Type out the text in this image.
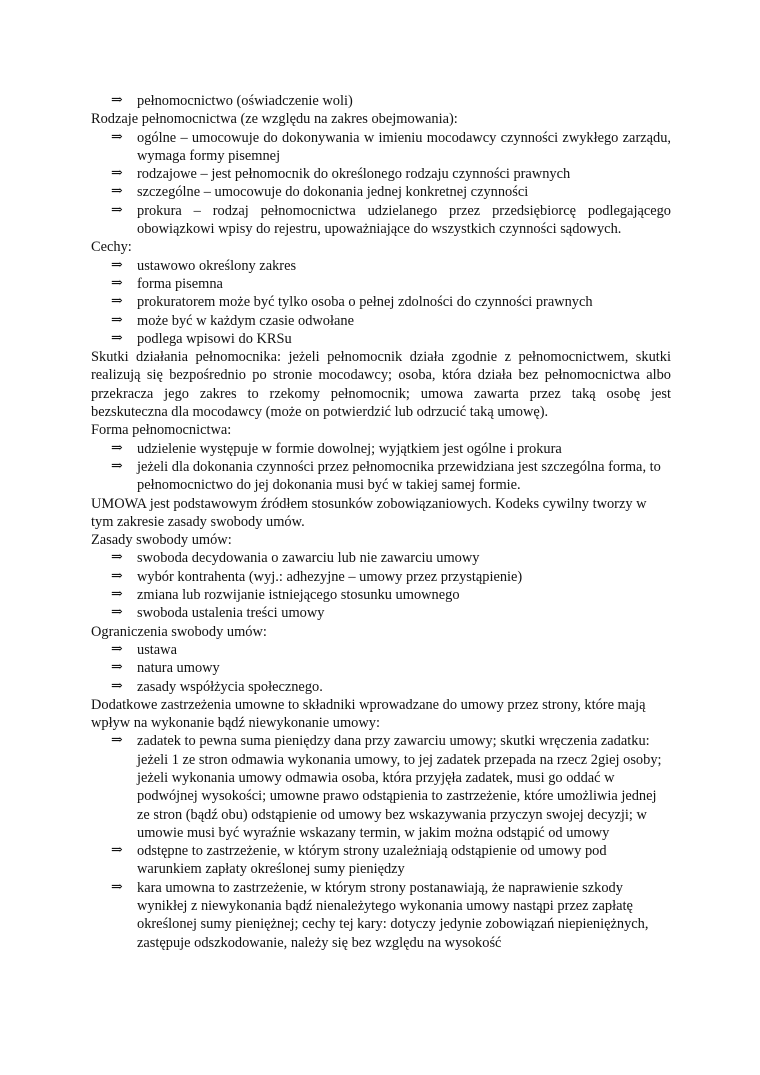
⇒ pełnomocnictwo (oświadczenie woli)

Rodzaje pełnomocnictwa (ze względu na zakres obejmowania):

⇒ ogólne – umocowuje do dokonywania w imieniu mocodawcy czynności zwykłego zarządu, wymaga formy pisemnej
⇒ rodzajowe – jest pełnomocnik do określonego rodzaju czynności prawnych
⇒ szczególne – umocowuje do dokonania jednej konkretnej czynności
⇒ prokura – rodzaj pełnomocnictwa udzielanego przez przedsiębiorcę podlegającego obowiązkowi wpisy do rejestru, upoważniające do wszystkich czynności sądowych.

Cechy:

⇒ ustawowo określony zakres
⇒ forma pisemna
⇒ prokuratorem może być tylko osoba o pełnej zdolności do czynności prawnych
⇒ może być w każdym czasie odwołane
⇒ podlega wpisowi do KRSu

Skutki działania pełnomocnika: jeżeli pełnomocnik działa zgodnie z pełnomocnictwem, skutki realizują się bezpośrednio po stronie mocodawcy; osoba, która działa bez pełnomocnictwa albo przekracza jego zakres to rzekomy pełnomocnik; umowa zawarta przez taką osobę jest bezskuteczna dla mocodawcy (może on potwierdzić lub odrzucić taką umowę).

Forma pełnomocnictwa:

⇒ udzielenie występuje w formie dowolnej; wyjątkiem jest ogólne i prokura
⇒ jeżeli dla dokonania czynności przez pełnomocnika przewidziana jest szczególna forma, to pełnomocnictwo do jej dokonania musi być w takiej samej formie.

UMOWA jest podstawowym źródłem stosunków zobowiązaniowych. Kodeks cywilny tworzy w tym zakresie zasady swobody umów.

Zasady swobody umów:

⇒ swoboda decydowania o zawarciu lub nie zawarciu umowy
⇒ wybór kontrahenta (wyj.: adhezyjne – umowy przez przystąpienie)
⇒ zmiana lub rozwijanie istniejącego stosunku umownego
⇒ swoboda ustalenia treści umowy

Ograniczenia swobody umów:

⇒ ustawa
⇒ natura umowy
⇒ zasady współżycia społecznego.

Dodatkowe zastrzeżenia umowne to składniki wprowadzane do umowy przez strony, które mają wpływ na wykonanie bądź niewykonanie umowy:

⇒ zadatek to pewna suma pieniędzy dana przy zawarciu umowy; skutki wręczenia zadatku: jeżeli 1 ze stron odmawia wykonania umowy, to jej zadatek przepada na rzecz 2giej osoby; jeżeli wykonania umowy odmawia osoba, która przyjęła zadatek, musi go oddać w podwójnej wysokości; umowne prawo odstąpienia to zastrzeżenie, które umożliwia jednej ze stron (bądź obu) odstąpienie od umowy bez wskazywania przyczyn swojej decyzji; w umowie musi być wyraźnie wskazany termin, w jakim można odstąpić od umowy
⇒ odstępne to zastrzeżenie, w którym strony uzależniają odstąpienie od umowy pod warunkiem zapłaty określonej sumy pieniędzy
⇒ kara umowna to zastrzeżenie, w którym strony postanawiają, że naprawienie szkody wynikłej z niewykonania bądź nienależytego wykonania umowy nastąpi przez zapłatę określonej sumy pieniężnej; cechy tej kary: dotyczy jedynie zobowiązań niepieniężnych, zastępuje odszkodowanie, należy się bez względu na wysokość
